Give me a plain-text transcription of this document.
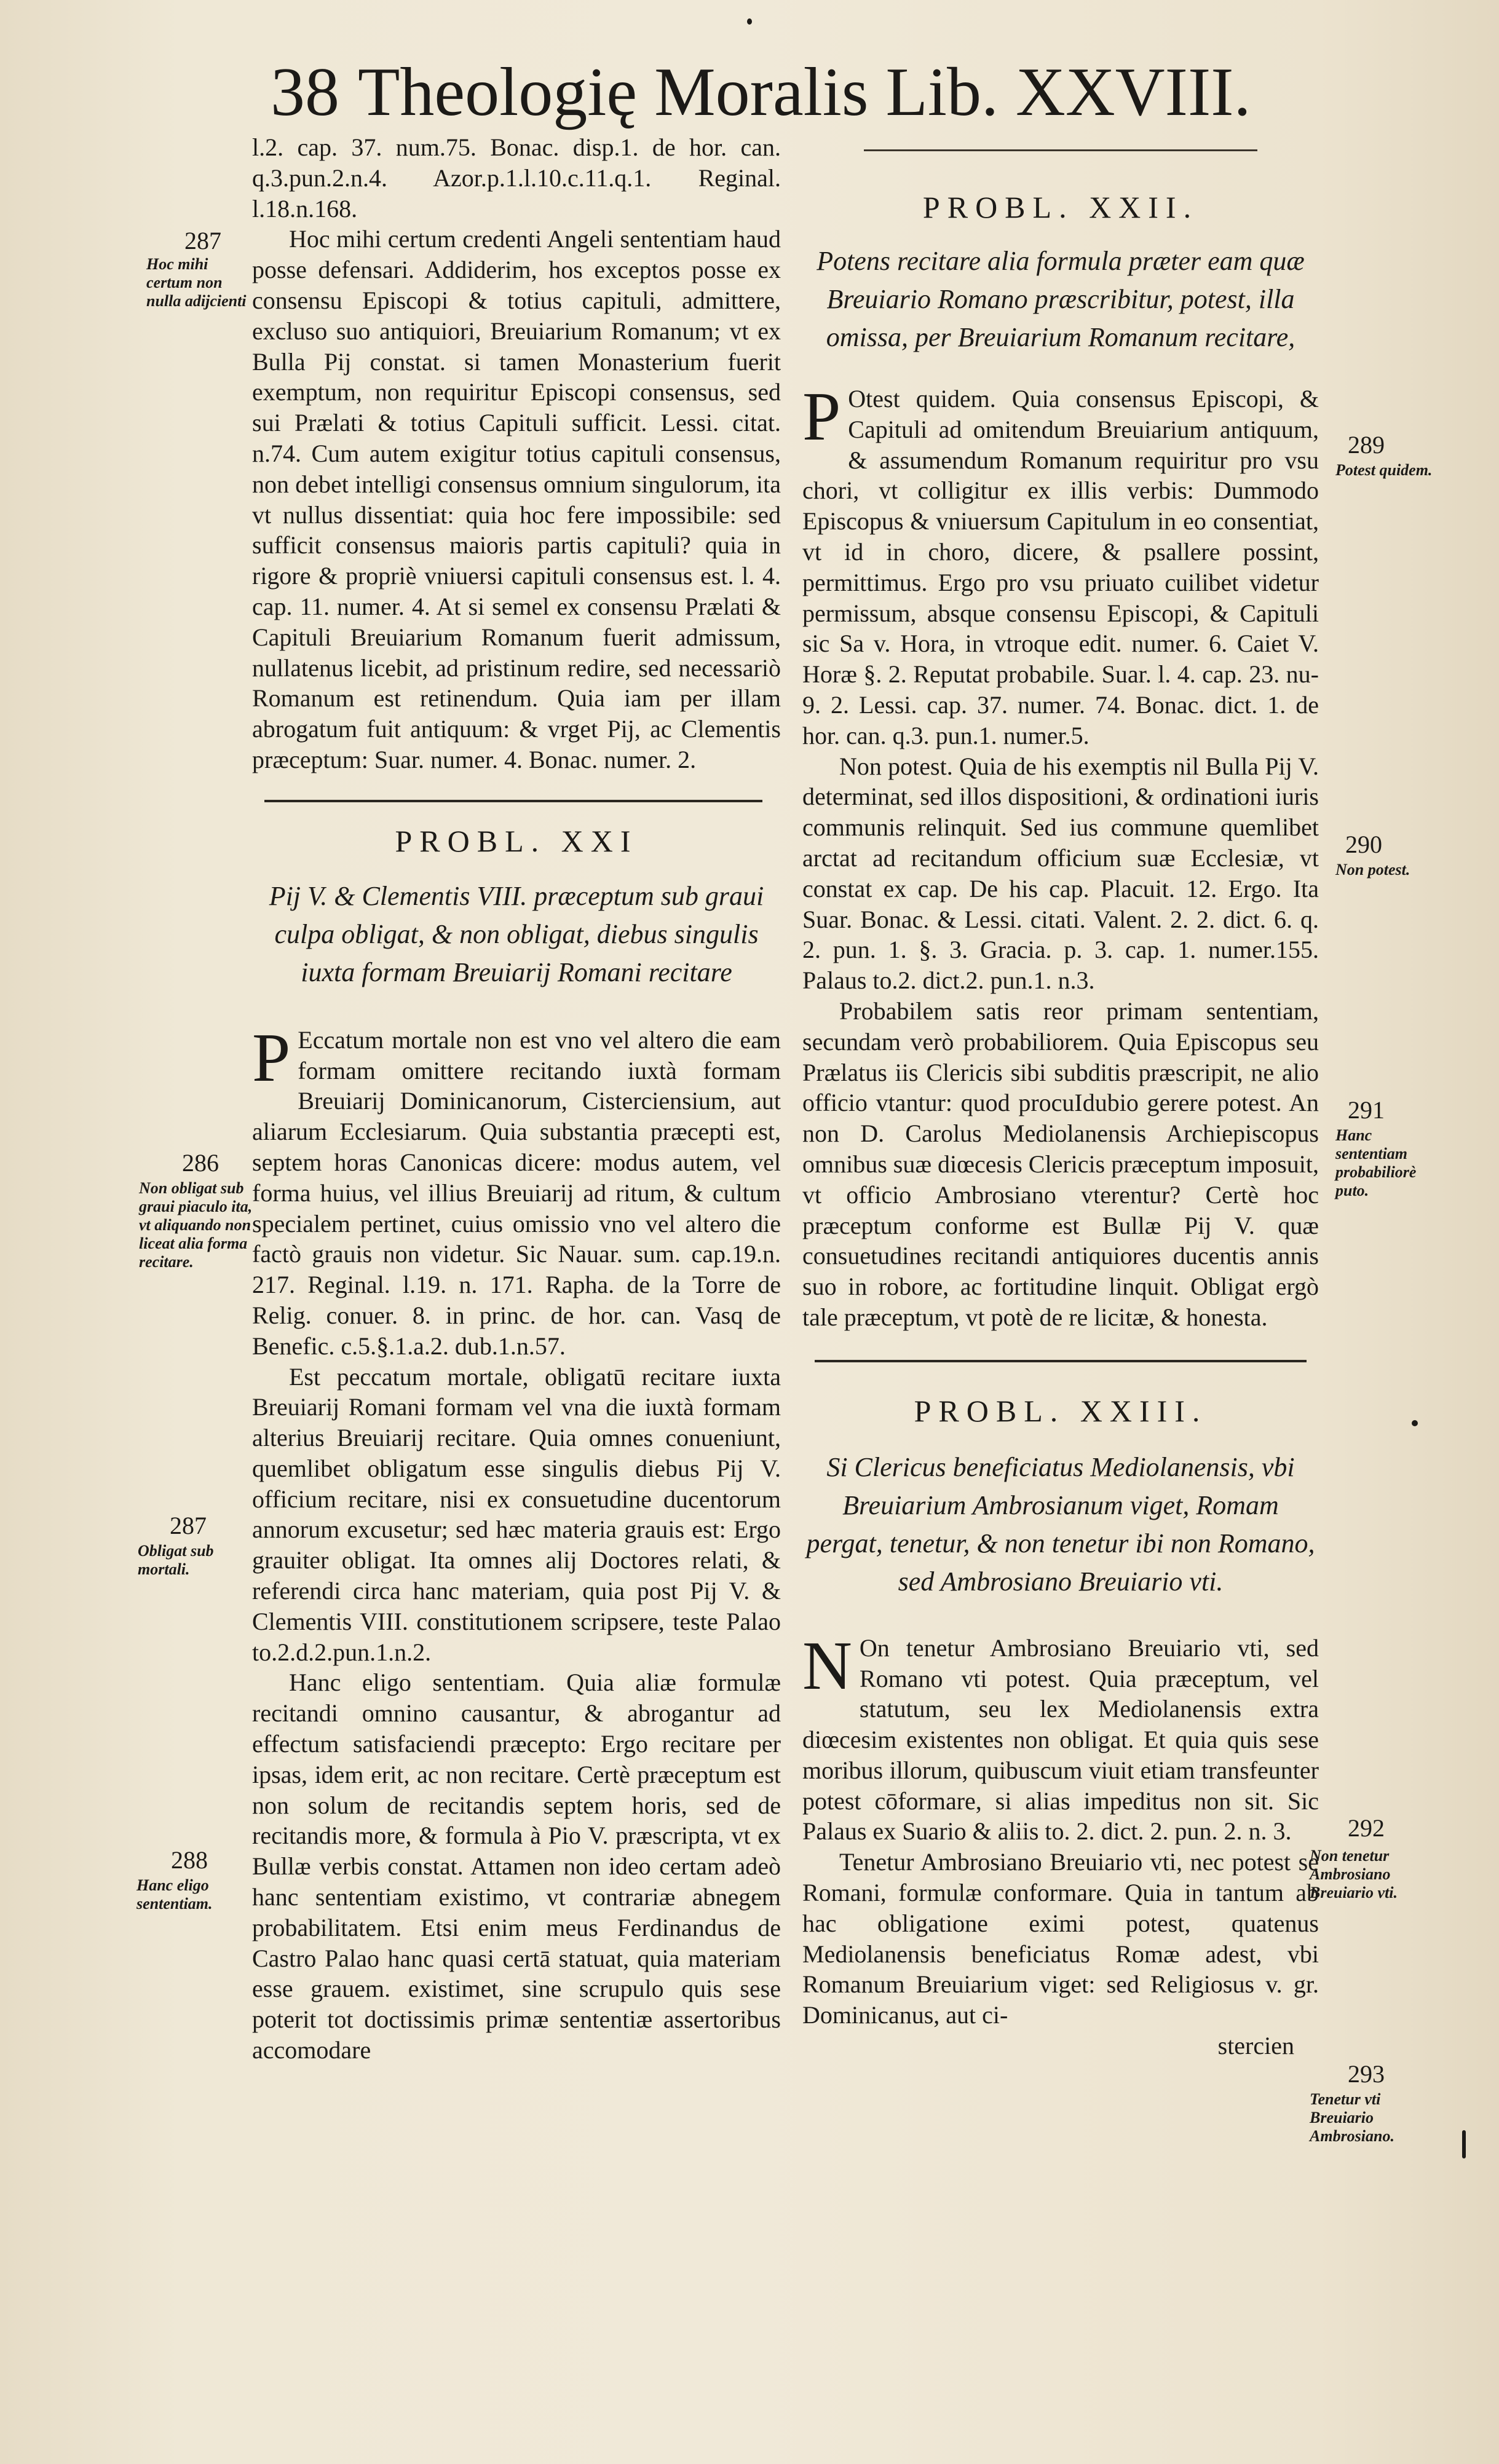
38 Theologię Moralis Lib. XXVIII.

l.2. cap. 37. num.75. Bonac. disp.1. de hor. can. q.3.pun.2.n.4. Azor.p.1.l.10.c.11.q.1. Reginal. l.18.n.168.

Hoc mihi certum credenti Angeli sententiam haud posse defensari. Addiderim, hos exceptos posse ex consensu Episcopi & totius capituli, admittere, excluso suo antiquiori, Breuiarium Romanum; vt ex Bulla Pij constat. si tamen Monasterium fuerit exemptum, non requiritur Episcopi consensus, sed sui Prælati & totius Capituli sufficit. Lessi. citat. n.74. Cum autem exigitur totius capituli consensus, non debet intelligi consensus omnium singulorum, ita vt nullus dissentiat: quia hoc fere impossibile: sed sufficit consensus maioris partis capituli? quia in rigore & propriè vniuersi capituli consensus est. l. 4. cap. 11. numer. 4. At si semel ex consensu Prælati & Capituli Breuiarium Romanum fuerit admissum, nullatenus licebit, ad pristinum redire, sed necessariò Romanum est retinendum. Quia iam per illam abrogatum fuit antiquum: & vrget Pij, ac Clementis præceptum: Suar. numer. 4. Bonac. numer. 2.

PROBL. XXI

Pij V. & Clementis VIII. præceptum sub graui culpa obligat, & non obligat, diebus singulis iuxta formam Breuiarij Romani recitare

P Eccatum mortale non est vno vel altero die eam formam omittere recitando iuxtà formam Breuiarij Dominicanorum, Cisterciensium, aut aliarum Ecclesiarum. Quia substantia præcepti est, septem horas Canonicas dicere: modus autem, vel forma huius, vel illius Breuiarij ad ritum, & cultum specialem pertinet, cuius omissio vno vel altero die factò grauis non videtur. Sic Nauar. sum. cap.19.n. 217. Reginal. l.19. n. 171. Rapha. de la Torre de Relig. conuer. 8. in princ. de hor. can. Vasq de Benefic. c.5.§.1.a.2. dub.1.n.57.

Est peccatum mortale, obligatū recitare iuxta Breuiarij Romani formam vel vna die iuxtà formam alterius Breuiarij recitare. Quia omnes conueniunt, quemlibet obligatum esse singulis diebus Pij V. officium recitare, nisi ex consuetudine ducentorum annorum excusetur; sed hæc materia grauis est: Ergo grauiter obligat. Ita omnes alij Doctores relati, & referendi circa hanc materiam, quia post Pij V. & Clementis VIII. constitutionem scripsere, teste Palao to.2.d.2.pun.1.n.2.

Hanc eligo sententiam. Quia aliæ formulæ recitandi omnino causantur, & abrogantur ad effectum satisfaciendi præcepto: Ergo recitare per ipsas, idem erit, ac non recitare. Certè præceptum est non solum de recitandis septem horis, sed de recitandis more, & formula à Pio V. præscripta, vt ex Bullæ verbis constat. Attamen non ideo certam adeò hanc sententiam existimo, vt contrariæ abnegem probabilitatem. Etsi enim meus Ferdinandus de Castro Palao hanc quasi certā statuat, quia materiam esse grauem. existimet, sine scrupulo quis sese poterit tot doctissimis primæ sententiæ assertoribus accomodare

PROBL. XXII.

Potens recitare alia formula præter eam quæ Breuiario Romano præscribitur, potest, illa omissa, per Breuiarium Romanum recitare,

P Otest quidem. Quia consensus Episcopi, & Capituli ad omitendum Breuiarium antiquum, & assumendum Romanum requiritur pro vsu chori, vt colligitur ex illis verbis: Dummodo Episcopus & vniuersum Capitulum in eo consentiat, vt id in choro, dicere, & psallere possint, permittimus. Ergo pro vsu priuato cuilibet videtur permissum, absque consensu Episcopi, & Capituli sic Sa v. Hora, in vtroque edit. numer. 6. Caiet V. Horæ §. 2. Reputat probabile. Suar. l. 4. cap. 23. nu-9. 2. Lessi. cap. 37. numer. 74. Bonac. dict. 1. de hor. can. q.3. pun.1. numer.5.

Non potest. Quia de his exemptis nil Bulla Pij V. determinat, sed illos dispositioni, & ordinationi iuris communis relinquit. Sed ius commune quemlibet arctat ad recitandum officium suæ Ecclesiæ, vt constat ex cap. De his cap. Placuit. 12. Ergo. Ita Suar. Bonac. & Lessi. citati. Valent. 2. 2. dict. 6. q. 2. pun. 1. §. 3. Gracia. p. 3. cap. 1. numer.155. Palaus to.2. dict.2. pun.1. n.3.

Probabilem satis reor primam sententiam, secundam verò probabiliorem. Quia Episcopus seu Prælatus iis Clericis sibi subditis præscripit, ne alio officio vtantur: quod procuIdubio gerere potest. An non D. Carolus Mediolanensis Archiepiscopus omnibus suæ diœcesis Clericis præceptum imposuit, vt officio Ambrosiano vterentur? Certè hoc præceptum conforme est Bullæ Pij V. quæ consuetudines recitandi antiquiores ducentis annis suo in robore, ac fortitudine linquit. Obligat ergò tale præceptum, vt potè de re licitæ, & honesta.

PROBL. XXIII.

Si Clericus beneficiatus Mediolanensis, vbi Breuiarium Ambrosianum viget, Romam pergat, tenetur, & non tenetur ibi non Romano, sed Ambrosiano Breuiario vti.

N On tenetur Ambrosiano Breuiario vti, sed Romano vti potest. Quia præceptum, vel statutum, seu lex Mediolanensis extra diœcesim existentes non obligat. Et quia quis sese moribus illorum, quibuscum viuit etiam transfeunter potest cōformare, si alias impeditus non sit. Sic Palaus ex Suario & aliis to. 2. dict. 2. pun. 2. n. 3.

Tenetur Ambrosiano Breuiario vti, nec potest se Romani, formulæ conformare. Quia in tantum ab hac obligatione eximi potest, quatenus Mediolanensis beneficiatus Romæ adest, vbi Romanum Breuiarium viget: sed Religiosus v. gr. Dominicanus, aut ci-

stercien

287
Hoc mihi certum non nulla adijcienti
286
Non obligat sub graui piaculo ita, vt aliquando non liceat alia forma recitare.
287
Obligat sub mortali.
288
Hanc eligo sententiam.
289
Potest quidem.
290
Non potest.
291
Hanc sententiam probabiliorè puto.
292
Non tenetur Ambrosiano Breuiario vti.
293
Tenetur vti Breuiario Ambrosiano.
